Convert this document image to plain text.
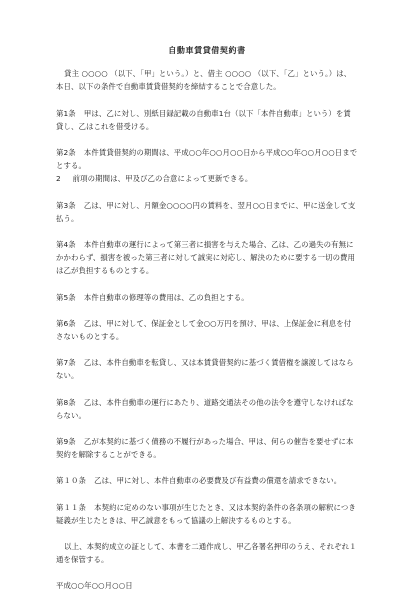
自動車賃貸借契約書
貸主 ○○○○ （以下、「甲」という。）と、借主 ○○○○ （以下、「乙」という。）は、本日、以下の条件で自動車賃貸借契約を締結することで合意した。
第1条 甲は、乙に対し、別紙目録記載の自動車1台（以下「本件自動車」という）を賃貸し、乙はこれを借受ける。
第2条 本件賃貸借契約の期間は、平成○○年○○月○○日から平成○○年○○月○○日までとする。
2 前項の期間は、甲及び乙の合意によって更新できる。
第3条 乙は、甲に対し、月額金○○○○円の賃料を、翌月○○日までに、甲に送金して支払う。
第4条 本件自動車の運行によって第三者に損害を与えた場合、乙は、乙の過失の有無にかかわらず、損害を被った第三者に対して誠実に対応し、解決のために要する一切の費用は乙が負担するものとする。
第5条 本件自動車の修理等の費用は、乙の負担とする。
第6条 乙は、甲に対して、保証金として金○○万円を預け、甲は、上保証金に利息を付さないものとする。
第7条 乙は、本件自動車を転貸し、又は本賃貸借契約に基づく賃借権を譲渡してはならない。
第8条 乙は、本件自動車の運行にあたり、道路交通法その他の法令を遵守しなければならない。
第9条 乙が本契約に基づく債務の不履行があった場合、甲は、何らの催告を要せずに本契約を解除することができる。
第１０条 乙は、甲に対し、本件自動車の必要費及び有益費の償還を請求できない。
第１１条 本契約に定めのない事項が生じたとき、又は本契約条件の各条項の解釈につき疑義が生じたときは、甲乙誠意をもって協議の上解決するものとする。
以上、本契約成立の証として、本書を二通作成し、甲乙各署名押印のうえ、それぞれ１通を保管する。
平成○○年○○月○○日
